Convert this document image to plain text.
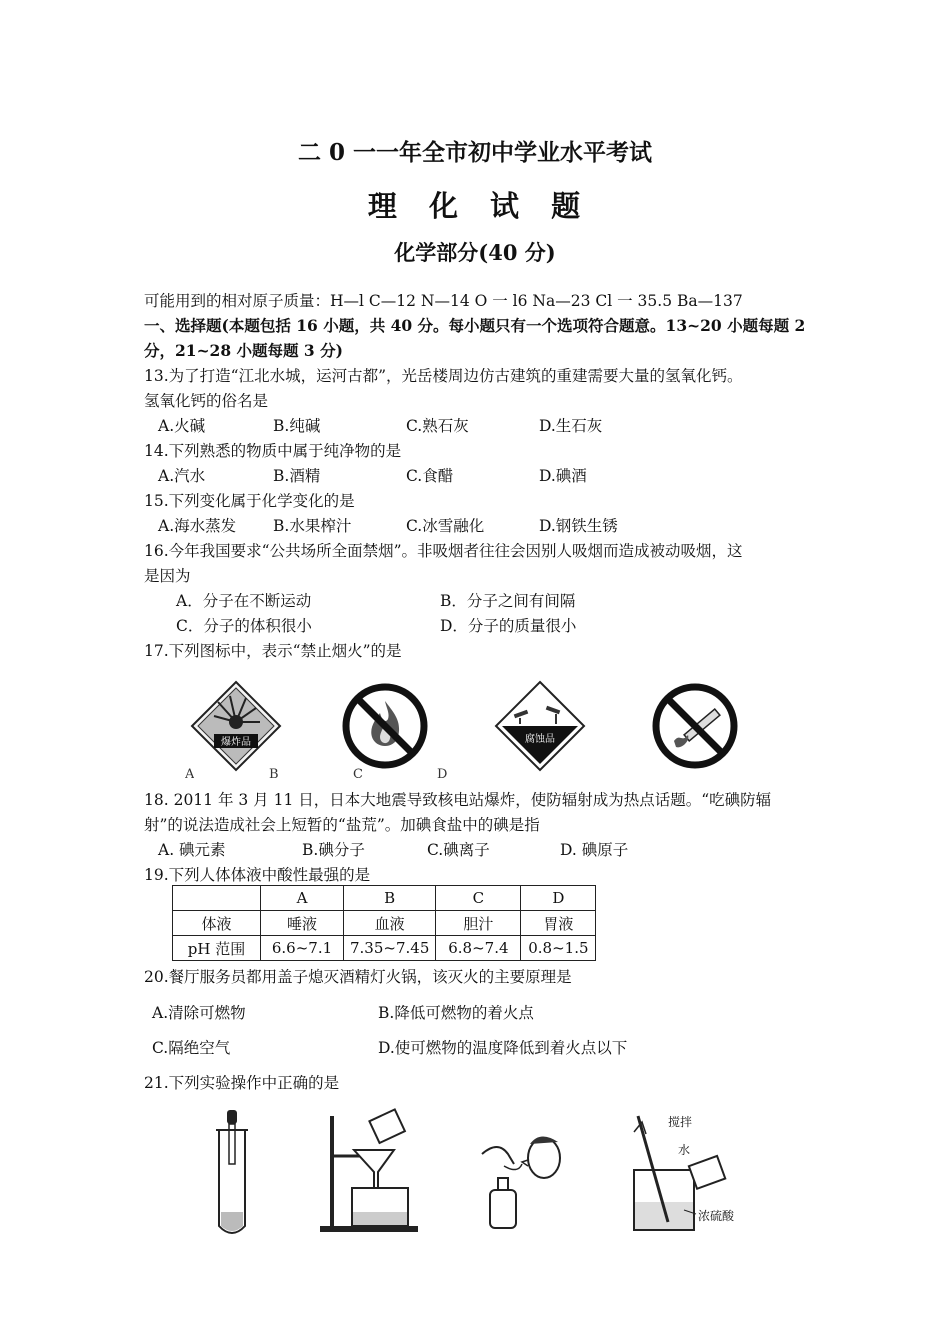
二 0 一一年全市初中学业水平考试
理 化 试 题
化学部分(40 分)
可能用到的相对原子质量：H—l C—12 N—14 O 一 l6 Na—23 Cl 一 35.5 Ba—137
一、选择题(本题包括 16 小题，共 40 分。每小题只有一个选项符合题意。13~20 小题每题 2
分，21~28 小题每题 3 分)
13.为了打造“江北水城，运河古都”，光岳楼周边仿古建筑的重建需要大量的氢氧化钙。
氢氧化钙的俗名是
A.火碱	B.纯碱	C.熟石灰	D.生石灰
14.下列熟悉的物质中属于纯净物的是
A.汽水	B.酒精	C.食醋	D.碘酒
15.下列变化属于化学变化的是
A.海水蒸发 B.水果榨汁	C.冰雪融化	D.钢铁生锈
16.今年我国要求“公共场所全面禁烟”。非吸烟者往往会因别人吸烟而造成被动吸烟，这
是因为
A．分子在不断运动	B．分子之间有间隔
C．分子的体积很小	D．分子的质量很小
17.下列图标中，表示“禁止烟火”的是
爆炸品	腐蚀品
A	B	C	D
18. 2011 年 3 月 11 日，日本大地震导致核电站爆炸，使防辐射成为热点话题。“吃碘防辐
射”的说法造成社会上短暂的“盐荒”。加碘食盐中的碘是指
A. 碘元素	B.碘分子	C.碘离子	D. 碘原子
19.下列人体体液中酸性最强的是
	A	B	C	D
体液	唾液	血液	胆汁	胃液
pH 范围	6.6~7.1	7.35~7.45	6.8~7.4	0.8~1.5
20.餐厅服务员都用盖子熄灭酒精灯火锅，该灭火的主要原理是
A.清除可燃物	B.降低可燃物的着火点
C.隔绝空气	D.使可燃物的温度降低到着火点以下
21.下列实验操作中正确的是
搅拌
水
浓硫酸
